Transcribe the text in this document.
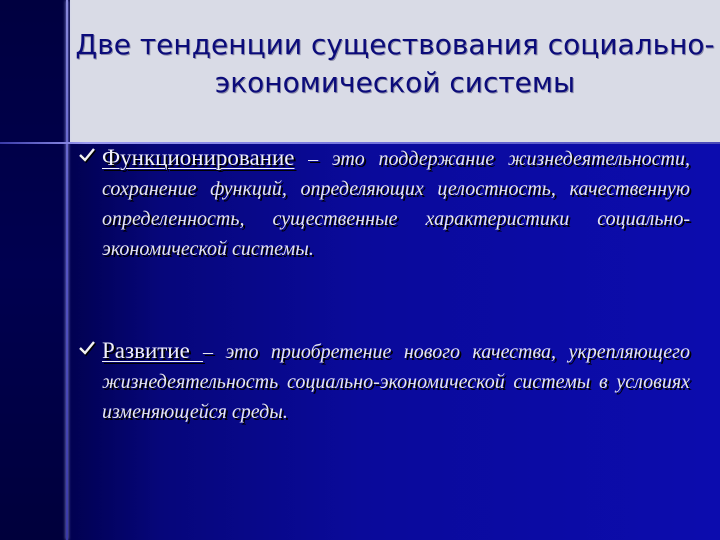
Две тенденции существования социально-экономической системы

Функционирование – это поддержание жизнедеятельности, сохранение функций, определяющих целостность, качественную определенность, существенные характеристики социально-экономической системы.

Развитие – это приобретение нового качества, укрепляющего жизнедеятельность социально-экономической системы в условиях изменяющейся среды.
